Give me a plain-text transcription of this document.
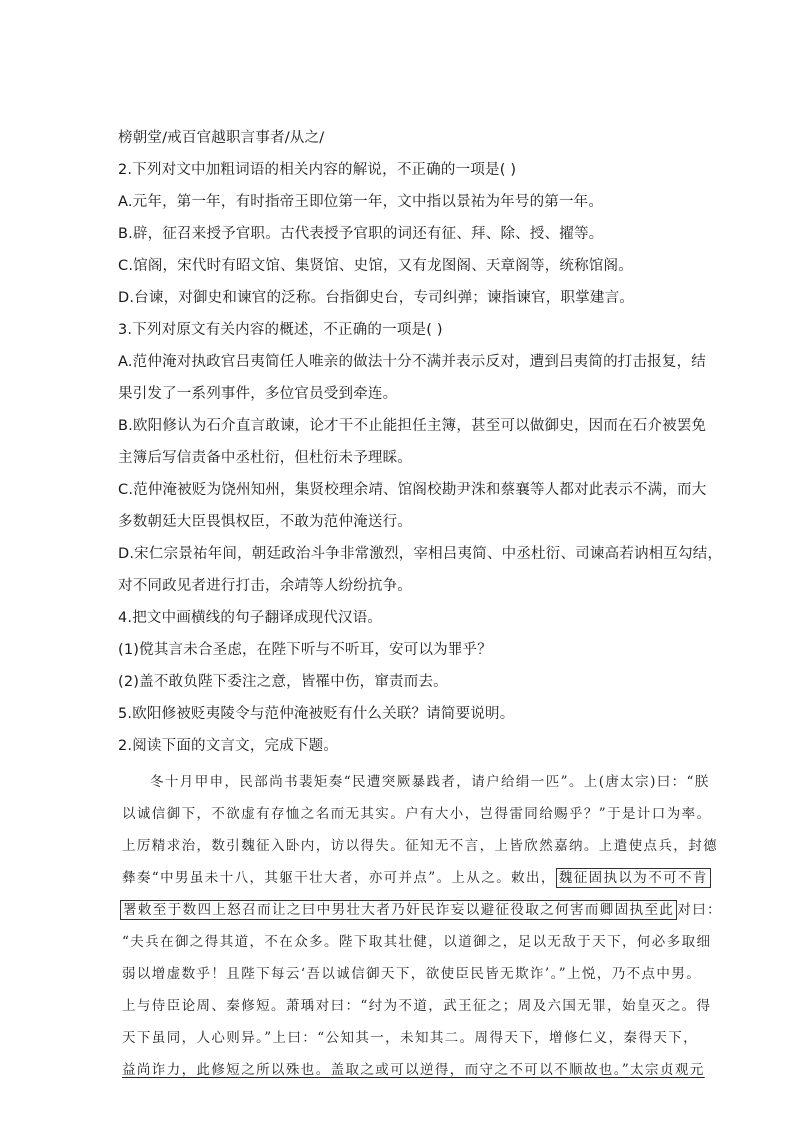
榜朝堂/戒百官越职言事者/从之/
2.下列对文中加粗词语的相关内容的解说，不正确的一项是( )
A.元年，第一年，有时指帝王即位第一年，文中指以景祐为年号的第一年。
B.辟，征召来授予官职。古代表授予官职的词还有征、拜、除、授、擢等。
C.馆阁，宋代时有昭文馆、集贤馆、史馆，又有龙图阁、天章阁等，统称馆阁。
D.台谏，对御史和谏官的泛称。台指御史台，专司纠弹；谏指谏官，职掌建言。
3.下列对原文有关内容的概述，不正确的一项是( )
A.范仲淹对执政官吕夷简任人唯亲的做法十分不满并表示反对，遭到吕夷简的打击报复，结
果引发了一系列事件，多位官员受到牵连。
B.欧阳修认为石介直言敢谏，论才干不止能担任主簿，甚至可以做御史，因而在石介被罢免
主簿后写信责备中丞杜衍，但杜衍未予理睬。
C.范仲淹被贬为饶州知州，集贤校理余靖、馆阁校勘尹洙和蔡襄等人都对此表示不满，而大
多数朝廷大臣畏惧权臣，不敢为范仲淹送行。
D.宋仁宗景祐年间，朝廷政治斗争非常激烈，宰相吕夷简、中丞杜衍、司谏高若讷相互勾结，
对不同政见者进行打击，余靖等人纷纷抗争。
4.把文中画横线的句子翻译成现代汉语。
(1)傥其言未合圣虑，在陛下听与不听耳，安可以为罪乎？
(2)盖不敢负陛下委注之意，皆罹中伤，窜责而去。
5.欧阳修被贬夷陵令与范仲淹被贬有什么关联？请简要说明。
2.阅读下面的文言文，完成下题。
冬十月甲申，民部尚书裴矩奏“民遭突厥暴践者，请户给绢一匹”。上(唐太宗)曰：“朕
以诚信御下，不欲虚有存恤之名而无其实。户有大小，岂得雷同给赐乎？”于是计口为率。
上厉精求治，数引魏征入卧内，访以得失。征知无不言，上皆欣然嘉纳。上遣使点兵，封德
彝奏“中男虽未十八，其躯干壮大者，亦可并点”。上从之。敕出， 魏征固执以为不可不肯
署敕至于数四上怒召而让之曰中男壮大者乃奸民诈妄以避征役取之何害而卿固执至此 对曰：
“夫兵在御之得其道，不在众多。陛下取其壮健，以道御之，足以无敌于天下，何必多取细
弱以增虚数乎！且陛下每云‘吾以诚信御天下，欲使臣民皆无欺诈’。”上悦，乃不点中男。
上与侍臣论周、秦修短。萧瑀对曰：“纣为不道，武王征之；周及六国无罪，始皇灭之。得
天下虽同，人心则异。”上曰：“公知其一，未知其二。周得天下，增修仁义，秦得天下，
益尚诈力，此修短之所以殊也。盖取之或可以逆得，而守之不可以不顺故也。”太宗贞观元
